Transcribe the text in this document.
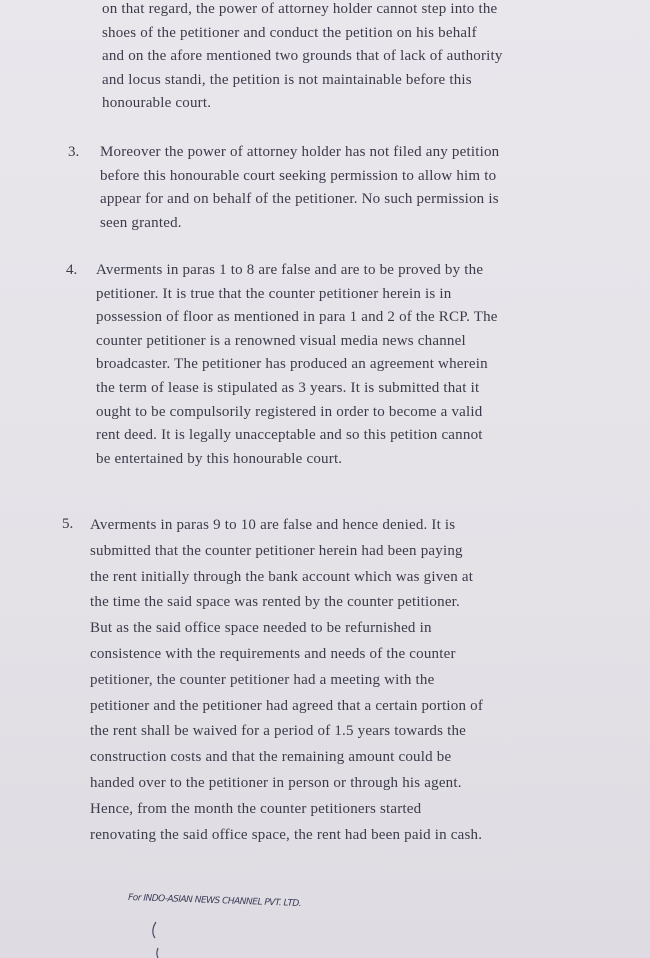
on that regard, the power of attorney holder cannot step into the
shoes of the petitioner and conduct the petition on his behalf
and on the afore mentioned two grounds that of lack of authority
and locus standi, the petition is not maintainable before this
honourable court.
3. Moreover the power of attorney holder has not filed any petition
before this honourable court seeking permission to allow him to
appear for and on behalf of the petitioner. No such permission is
seen granted.
4. Averments in paras 1 to 8 are false and are to be proved by the
petitioner. It is true that the counter petitioner herein is in
possession of floor as mentioned in para 1 and 2 of the RCP. The
counter petitioner is a renowned visual media news channel
broadcaster. The petitioner has produced an agreement wherein
the term of lease is stipulated as 3 years. It is submitted that it
ought to be compulsorily registered in order to become a valid
rent deed. It is legally unacceptable and so this petition cannot
be entertained by this honourable court.
5. Averments in paras 9 to 10 are false and hence denied. It is
submitted that the counter petitioner herein had been paying
the rent initially through the bank account which was given at
the time the said space was rented by the counter petitioner.
But as the said office space needed to be refurnished in
consistence with the requirements and needs of the counter
petitioner, the counter petitioner had a meeting with the
petitioner and the petitioner had agreed that a certain portion of
the rent shall be waived for a period of 1.5 years towards the
construction costs and that the remaining amount could be
handed over to the petitioner in person or through his agent.
Hence, from the month the counter petitioners started
renovating the said office space, the rent had been paid in cash.
For INDO-ASIAN NEWS CHANNEL PVT. LTD.
